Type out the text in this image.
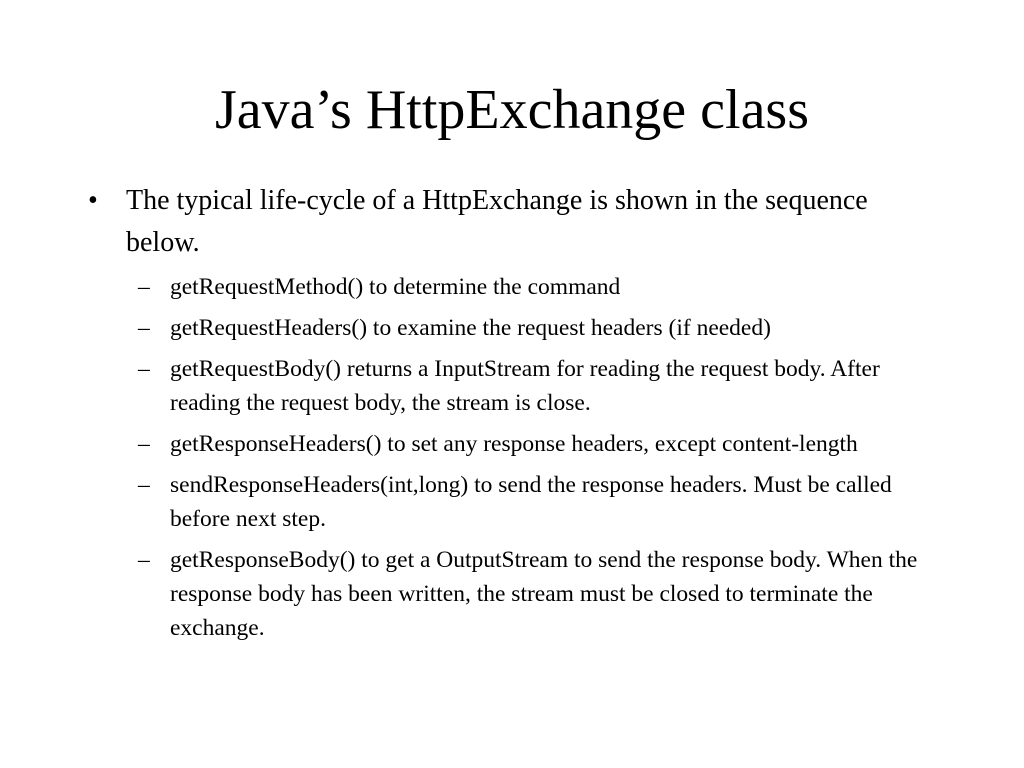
Java’s HttpExchange class
• The typical life-cycle of a HttpExchange is shown in the sequence below.
– getRequestMethod() to determine the command
– getRequestHeaders() to examine the request headers (if needed)
– getRequestBody() returns a InputStream for reading the request body. After reading the request body, the stream is close.
– getResponseHeaders() to set any response headers, except content-length
– sendResponseHeaders(int,long) to send the response headers. Must be called before next step.
– getResponseBody() to get a OutputStream to send the response body. When the response body has been written, the stream must be closed to terminate the exchange.
